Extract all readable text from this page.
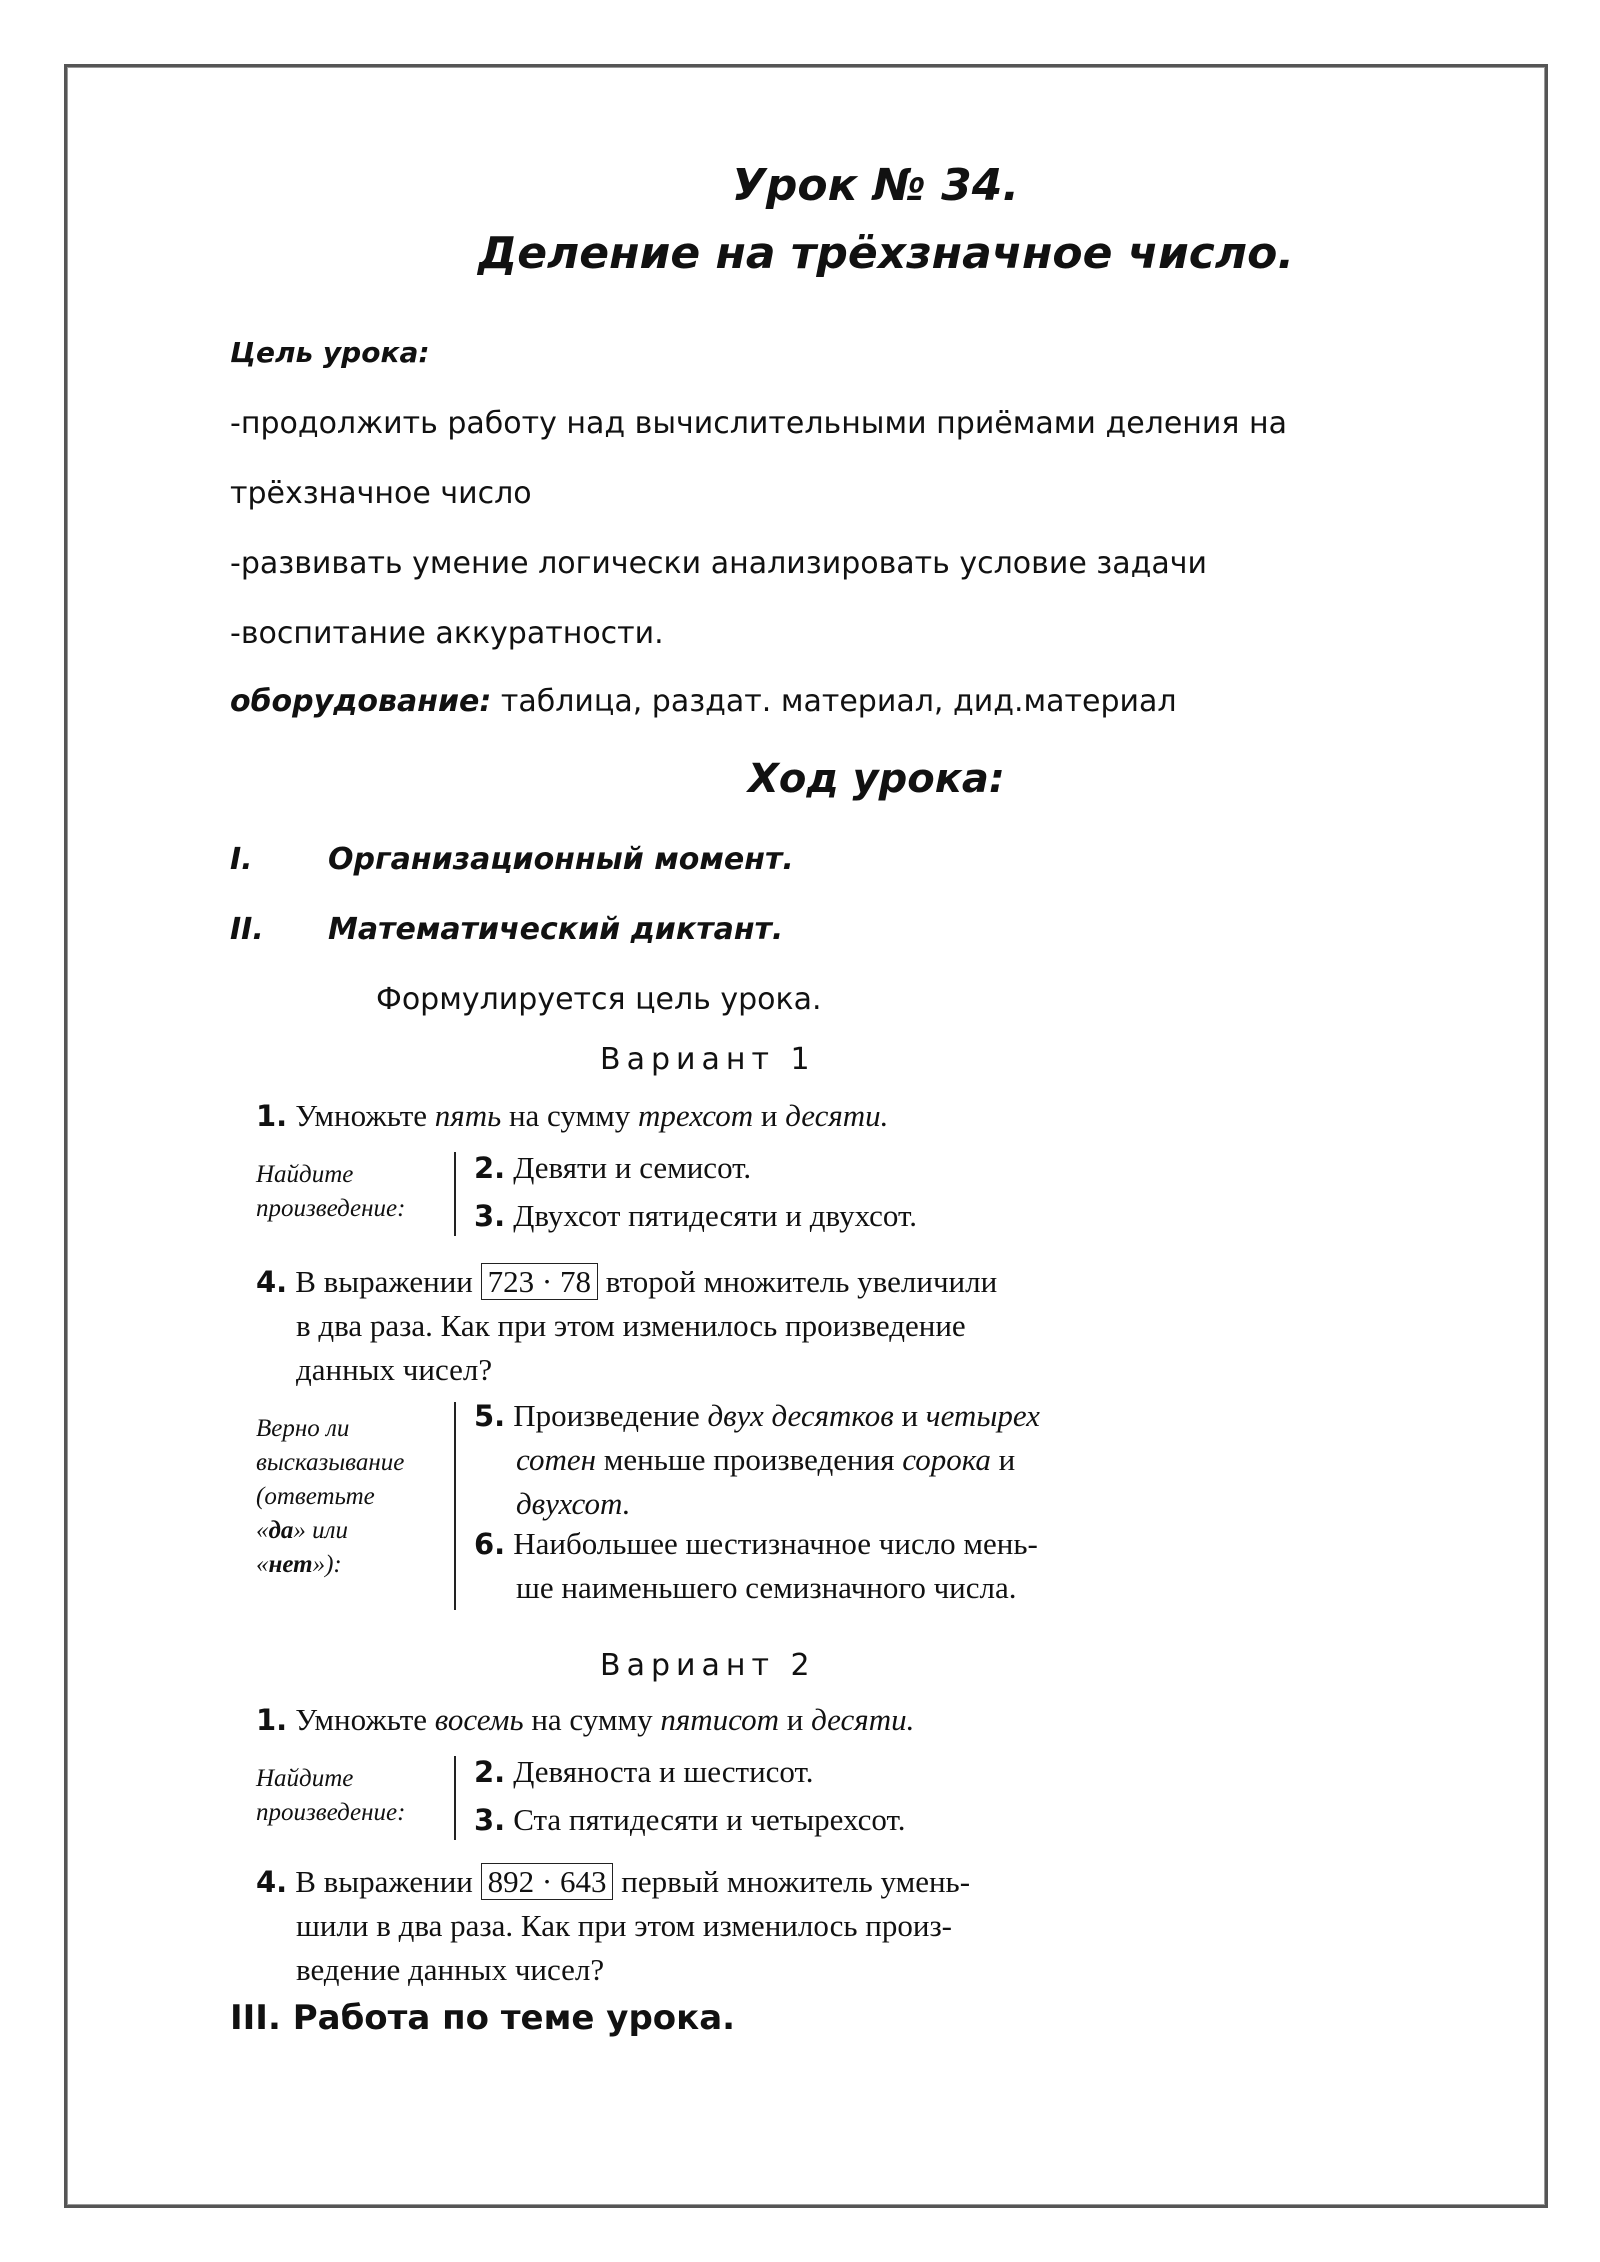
Урок № 34.
Деление на трёхзначное число.
Цель урока:
-продолжить работу над вычислительными приёмами деления на
трёхзначное число
-развивать умение логически анализировать условие задачи
-воспитание аккуратности.
оборудование: таблица, раздат. материал, дид.материал
Ход урока:
I.	Организационный момент.
II. Математический диктант.
Формулируется цель урока.
Вариант 1
1. Умножьте пять на сумму трехсот и десяти.
Найдите
произведение:
2. Девяти и семисот.
3. Двухсот пятидесяти и двухсот.
4. В выражении 723 · 78 второй множитель увеличили
в два раза. Как при этом изменилось произведение
данных чисел?
Верно ли
высказывание
(ответьте
«да» или
«нет»):
5. Произведение двух десятков и четырех
сотен меньше произведения сорока и
двухсот.
6. Наибольшее шестизначное число мень-
ше наименьшего семизначного числа.
Вариант 2
1. Умножьте восемь на сумму пятисот и десяти.
Найдите
произведение:
2. Девяноста и шестисот.
3. Ста пятидесяти и четырехсот.
4. В выражении 892 · 643 первый множитель умень-
шили в два раза. Как при этом изменилось произ-
ведение данных чисел?
III. Работа по теме урока.
